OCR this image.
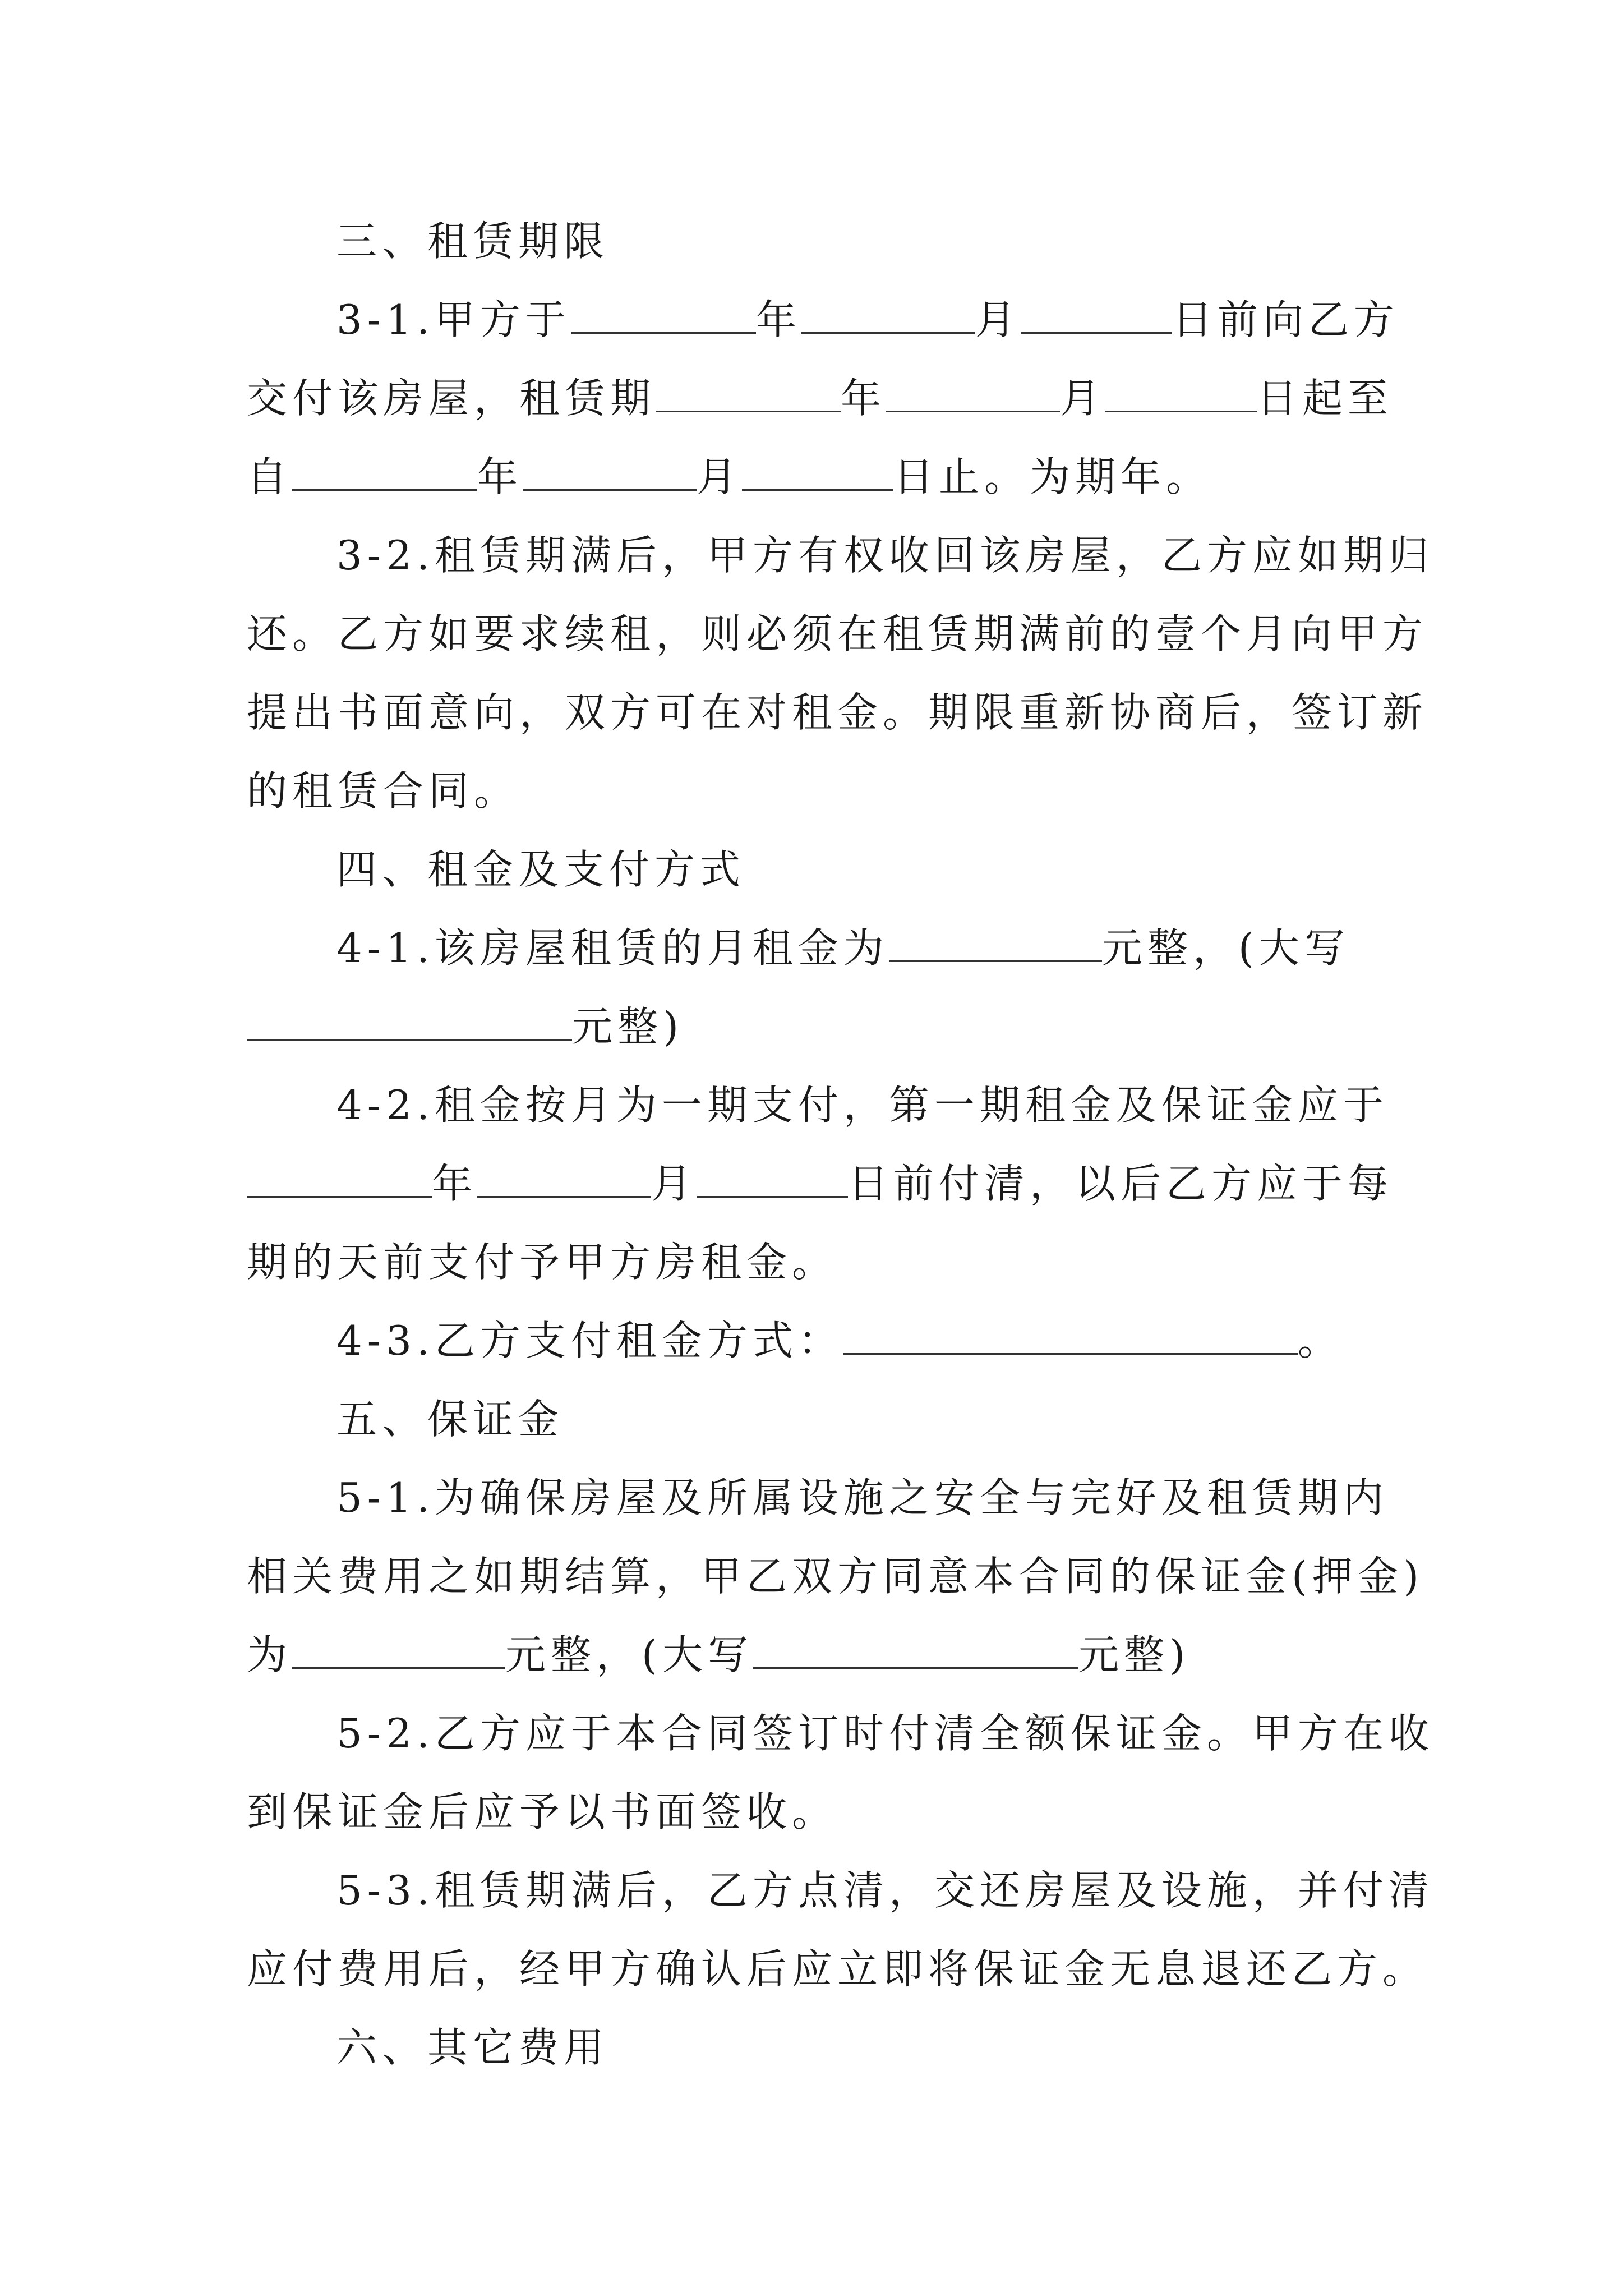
三、租赁期限
3-1.甲方于	年	月	日前向乙方
交付该房屋，租赁期	年	月	日起至
自	年	月	日止。为期年。
3-2.租赁期满后，甲方有权收回该房屋，乙方应如期归
还。乙方如要求续租，则必须在租赁期满前的壹个月向甲方
提出书面意向，双方可在对租金。期限重新协商后，签订新
的租赁合同。
四、租金及支付方式
4-1.该房屋租赁的月租金为	元整，(大写
元整)
4-2.租金按月为一期支付，第一期租金及保证金应于
年	月	日前付清，以后乙方应于每
期的天前支付予甲方房租金。
4-3.乙方支付租金方式：	。
五、保证金
5-1.为确保房屋及所属设施之安全与完好及租赁期内
相关费用之如期结算，甲乙双方同意本合同的保证金(押金)
为	元整，(大写	元整)
5-2.乙方应于本合同签订时付清全额保证金。甲方在收
到保证金后应予以书面签收。
5-3.租赁期满后，乙方点清，交还房屋及设施，并付清
应付费用后，经甲方确认后应立即将保证金无息退还乙方。
六、其它费用
